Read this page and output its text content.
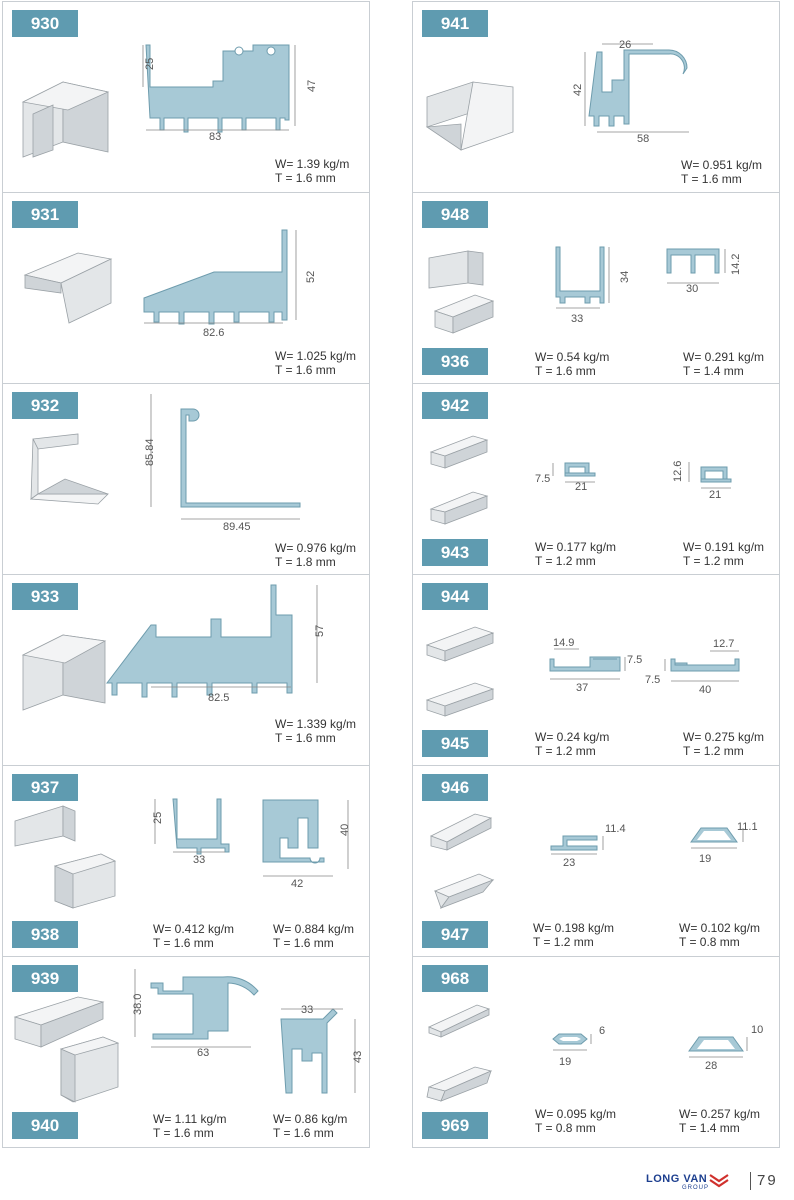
930
25
47
83
W= 1.39 kg/m
T = 1.6 mm
931
52
82.6
W= 1.025 kg/m
T = 1.6 mm
932
85.84
89.45
W= 0.976 kg/m
T = 1.8 mm
933
57
82.5
W= 1.339 kg/m
T = 1.6 mm
937
938
25
33
40
42
W= 0.412 kg/m
T = 1.6 mm
W= 0.884 kg/m
T = 1.6 mm
939
940
38.0
63
33
43
W= 1.11 kg/m
T = 1.6 mm
W= 0.86 kg/m
T = 1.6 mm
941
26
42
58
W= 0.951 kg/m
T = 1.6 mm
948
936
34
33
14.2
30
W= 0.54 kg/m
T = 1.6 mm
W= 0.291 kg/m
T = 1.4 mm
942
943
7.5
21
12.6
21
W= 0.177 kg/m
T = 1.2 mm
W= 0.191 kg/m
T = 1.2 mm
944
945
14.9
7.5
37
12.7
7.5
40
W= 0.24 kg/m
T = 1.2 mm
W= 0.275 kg/m
T = 1.2 mm
946
947
11.4
23
11.1
19
W= 0.198 kg/m
T = 1.2 mm
W= 0.102 kg/m
T = 0.8 mm
968
969
6
19
10
28
W= 0.095 kg/m
T = 0.8 mm
W= 0.257 kg/m
T = 1.4 mm
LONG VAN
GROUP	79
